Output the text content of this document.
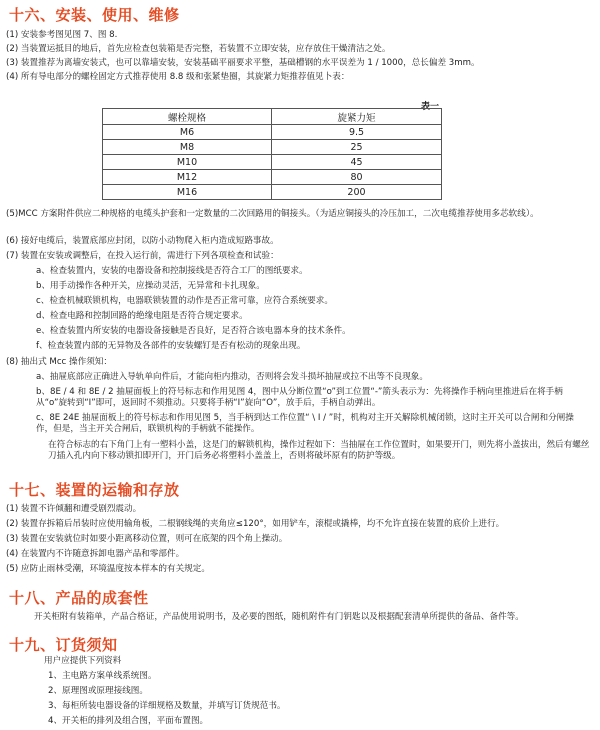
十六、安装、使用、维修
(1) 安装参考图见图 7、图 8.
(2) 当装置运抵目的地后，首先应检查包装箱是否完整，若装置不立即安装，应存放住干燥清洁之处。
(3) 装置推荐为离墙安装式，也可以靠墙安装，安装基础平丽要求平整，基础槽钢的水平误差为 1 / 1000，总长偏差 3mm。
(4) 所有导电部分的螺栓固定方式推荐使用 8.8 级和张紧垫圈，其旋紧力矩推荐值见卜表：
表一
螺栓规格	旋紧力矩
M6	9.5
M8	25
M10	45
M12	80
M16	200
(5)MCC 方案附件供应二种规格的电缆头护套和一定数量的二次回路用的铜接头。（为适应铜接头的冷压加工，二次电缆推荐使用多芯软线）。
(6) 接好电缆后，装置底部应封闭，以防小动物爬入柜内造成短路事故。
(7) 装置在安装或调整后，在投入运行前，需进行下列各项检查和试验：
a、检查装置内，安装的电器设备和控制接线是否符合工厂的图纸要求。
b、用手动操作各种开关，应操动灵活，无异常和卡扎现象。
c、检查机械联锁机构，电器联锁装置的动作是否正常可靠，应符合系统要求。
d、检查电路和控制回路的绝缘电阻是否符合规定要求。
e、检查装置内所安装的电器设备接触是否良好，足否符合该电器本身的技术条件。
f、检查装置内部的无异物及各部件的安装螺钉是否有松动的现象出现。
(8) 抽出式 Mcc 操作须知：
a、抽屉底部应正确进入导轨单向件后，才能向柜内推动，否则将会发斗损坏抽屉或拉不出等不良现象。
b、8E / 4 和 8E / 2 抽屉面板上的符号标志和作用见图 4，图中从分断位置“o”到工位置“-”箭头表示为：先将操作手柄向里推进后在将手柄从“o”旋转到“I”即可，返回时不须推动。只要将手柄“I”旋向“O”，放手后，手柄自动弹出。
c、8E 24E 抽屉面板上的符号标志和作用见图 5，当手柄到达工作位置“ \ I / ”时，机构对主开关解除机械闭锁，这时主开关可以合闸和分闸操作，但是，当主开关合闸后，联锁机构的手柄就不能操作。
在符合标志的右下角门上有一塑料小盖，这是门的解锁机构，操作过程如下：当抽屉在工作位置时，如果要开门，则先将小盖拔出，然后有螺丝刀插入孔内向下移动锁扣即开门，开门后务必将塑料小盖盖上，否则将破坏原有的防护等级。
十七、装置的运输和存放
(1) 装置不许倾翻和遭受剧烈震动。
(2) 装置存拆箱后吊装时应使用输角板，二根钢线绳的夹角应≤120°，如用铲车，滚棍或撬棒，均不允许直接在装置的底价上进行。
(3) 装置在安装就位时如要小距离移动位置，则可在底架的四个角上操动。
(4) 在装置内不许随意拆卸电器产品和零部件。
(5) 应防止雨林受潮，环境温度按本样本的有关规定。
十八、产品的成套性
开关柜附有装箱单，产品合格证，产品使用说明书，及必要的图纸，随机附件有门钥匙以及根据配套清单所提供的备品、备件等。
十九、订货须知
用户应提供下列资料
1、主电路方案单线系统图。
2、原理图或原理接线图。
3、每柜所装电器设备的详细规格及数量，并填写订货规范书。
4、开关柜的排列及组合图，平面布置图。
